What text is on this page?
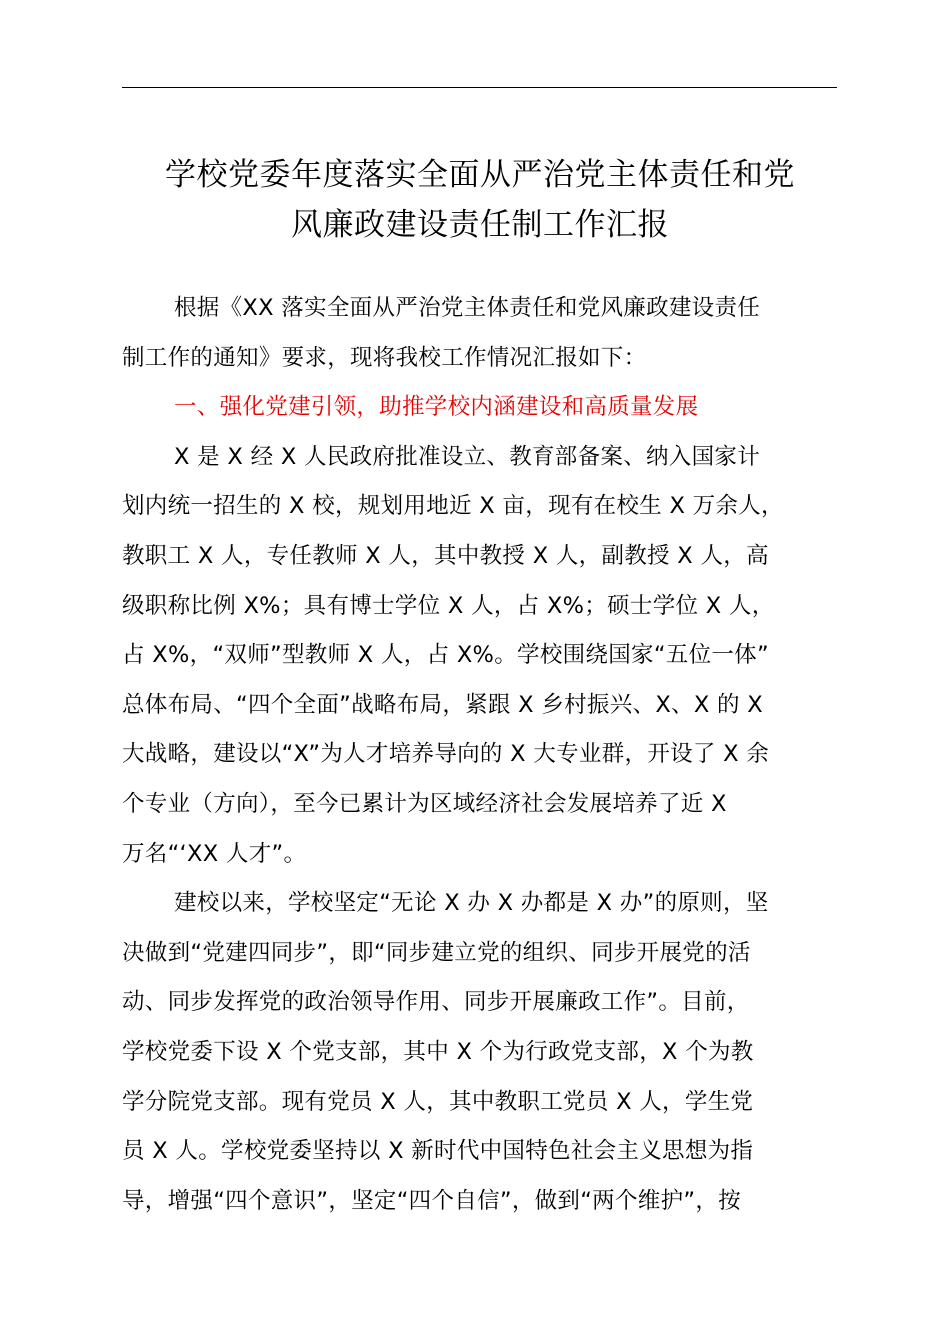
学校党委年度落实全面从严治党主体责任和党
风廉政建设责任制工作汇报
根据《XX 落实全面从严治党主体责任和党风廉政建设责任
制工作的通知》要求，现将我校工作情况汇报如下：
一、强化党建引领，助推学校内涵建设和高质量发展
X 是 X 经 X 人民政府批准设立、教育部备案、纳入国家计
划内统一招生的 X 校，规划用地近 X 亩，现有在校生 X 万余人，
教职工 X 人，专任教师 X 人，其中教授 X 人，副教授 X 人，高
级职称比例 X%；具有博士学位 X 人，占 X%；硕士学位 X 人，
占 X%，“双师”型教师 X 人，占 X%。学校围绕国家“五位一体”
总体布局、“四个全面”战略布局，紧跟 X 乡村振兴、X、X 的 X
大战略，建设以“X”为人才培养导向的 X 大专业群，开设了 X 余
个专业（方向），至今已累计为区域经济社会发展培养了近 X
万名“‘XX 人才”。
建校以来，学校坚定“无论 X 办 X 办都是 X 办”的原则，坚
决做到“党建四同步”，即“同步建立党的组织、同步开展党的活
动、同步发挥党的政治领导作用、同步开展廉政工作”。目前，
学校党委下设 X 个党支部，其中 X 个为行政党支部，X 个为教
学分院党支部。现有党员 X 人，其中教职工党员 X 人，学生党
员 X 人。学校党委坚持以 X 新时代中国特色社会主义思想为指
导，增强“四个意识”，坚定“四个自信”，做到“两个维护”，按
